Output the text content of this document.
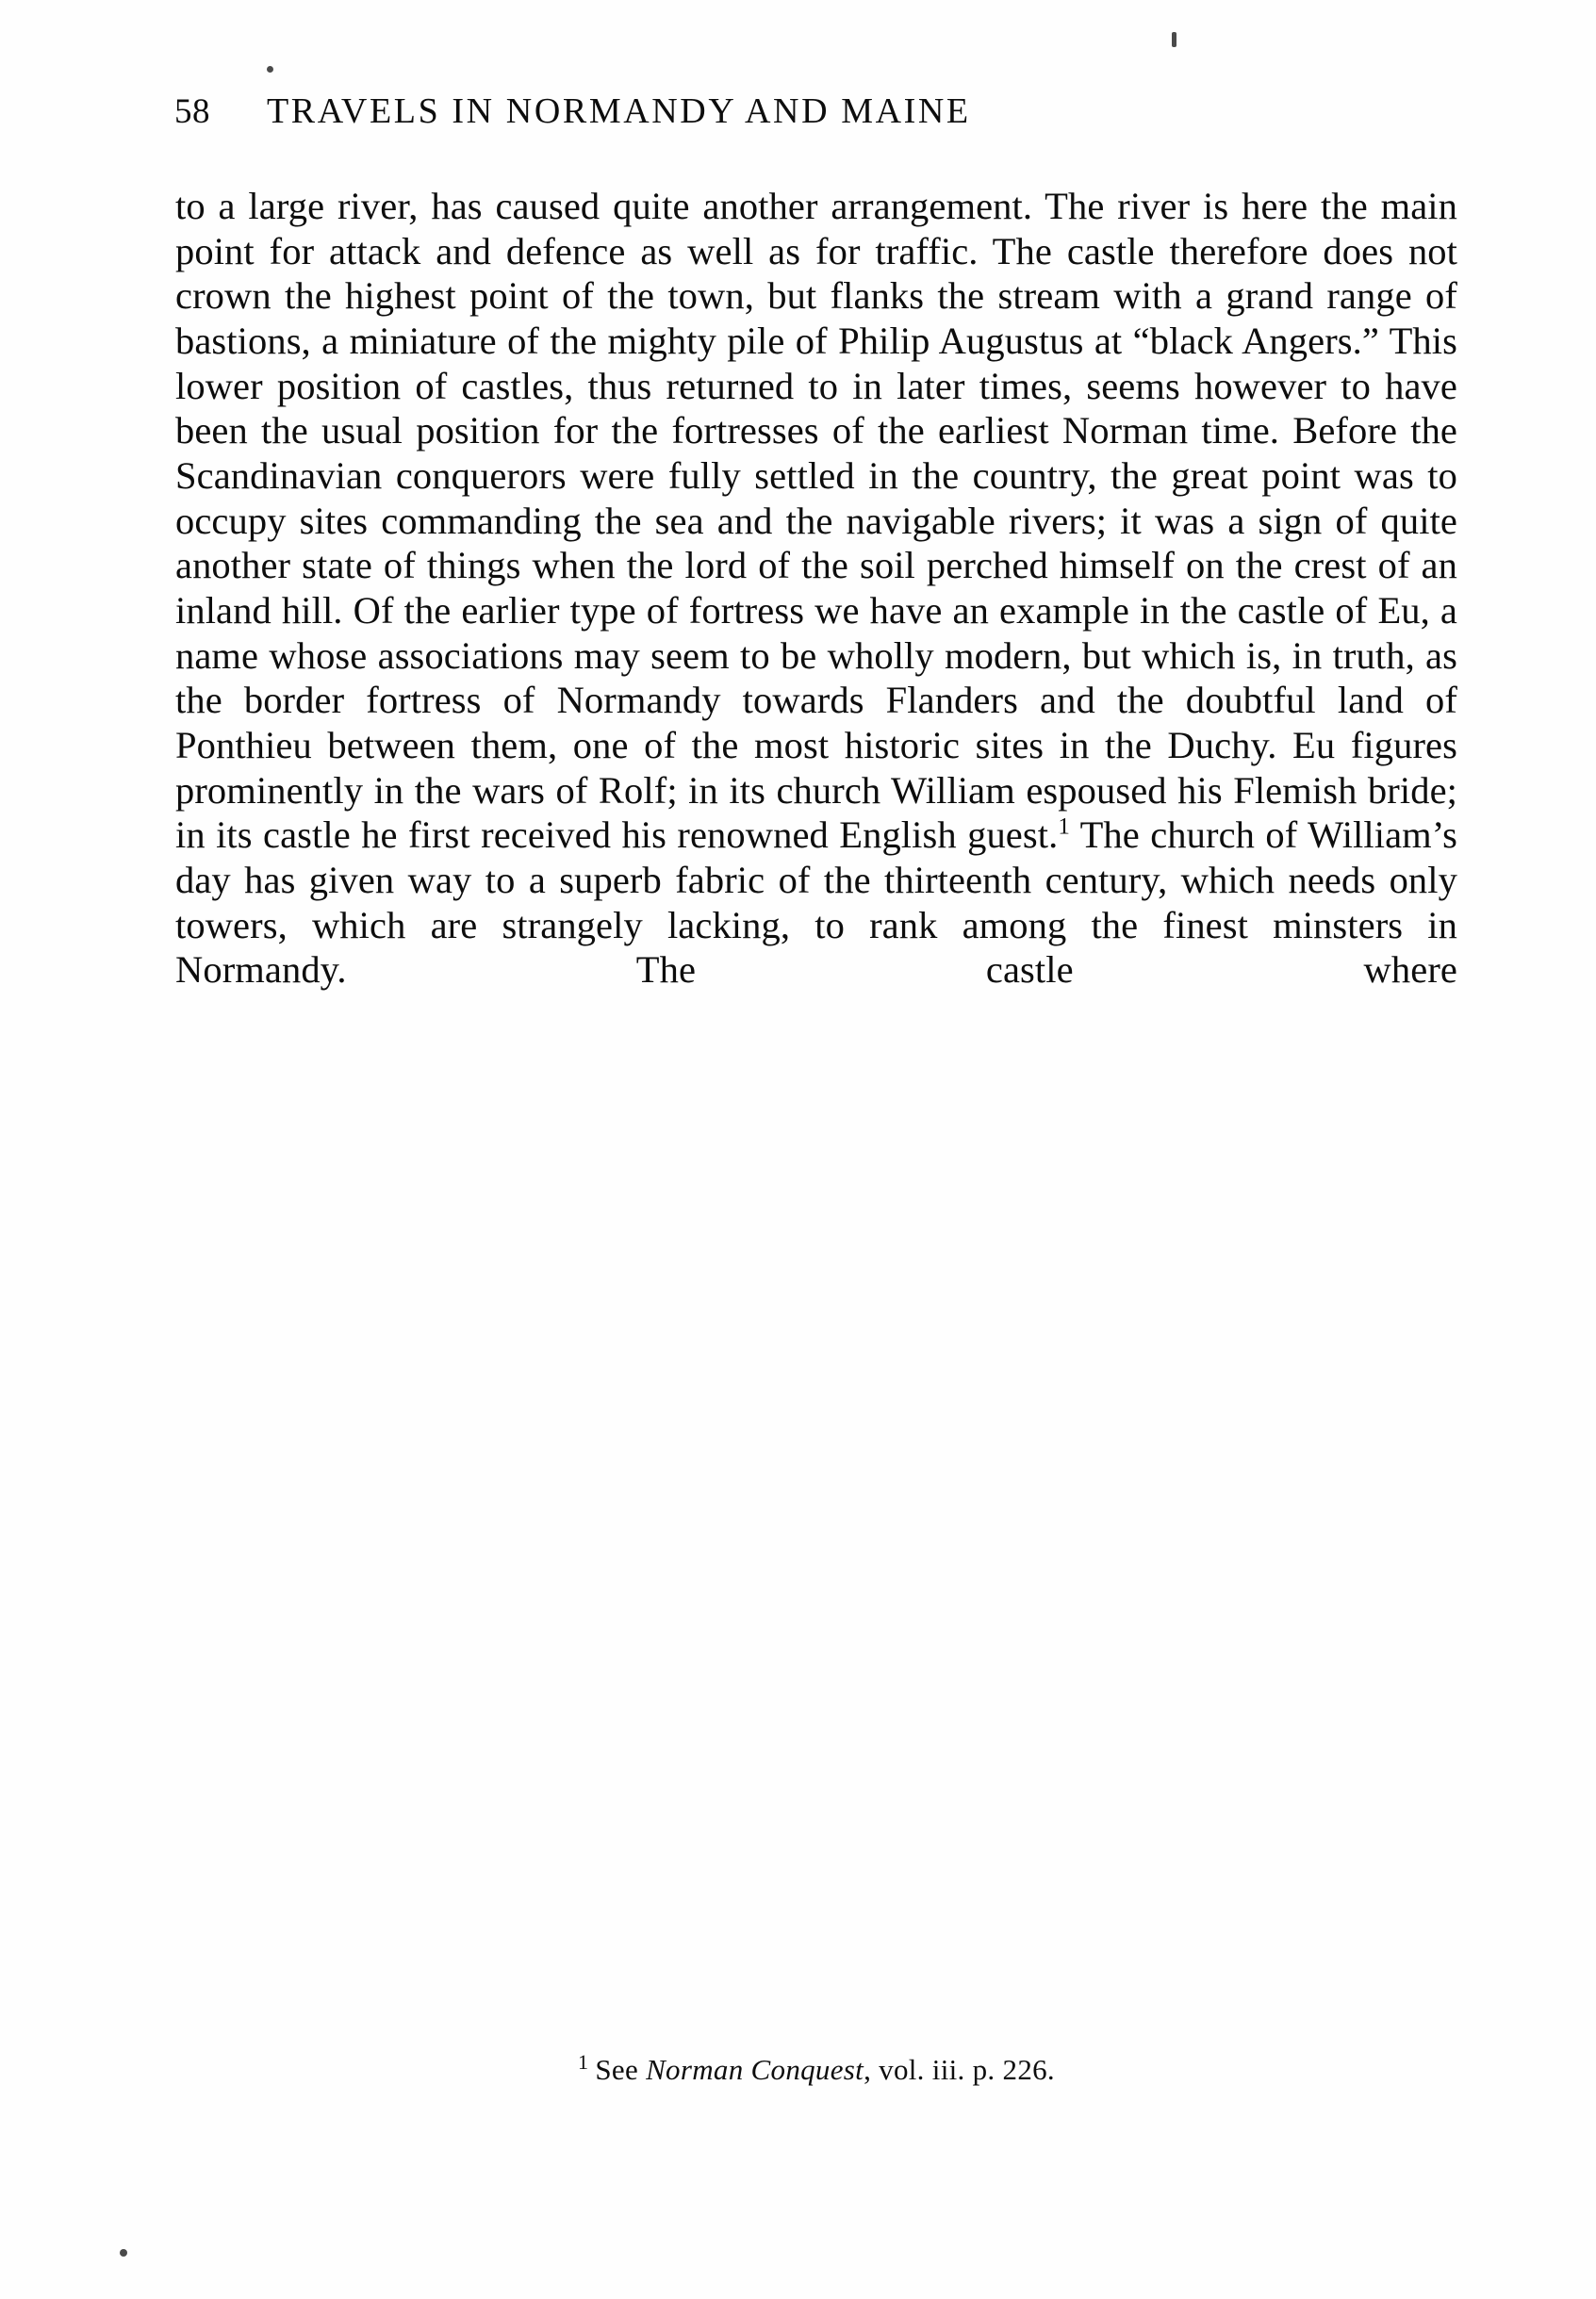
58 TRAVELS IN NORMANDY AND MAINE

to a large river, has caused quite another arrangement. The river is here the main point for attack and defence as well as for traffic. The castle therefore does not crown the highest point of the town, but flanks the stream with a grand range of bastions, a miniature of the mighty pile of Philip Augustus at “black Angers.” This lower position of castles, thus returned to in later times, seems however to have been the usual position for the fortresses of the earliest Norman time. Before the Scandinavian conquerors were fully settled in the country, the great point was to occupy sites commanding the sea and the navigable rivers; it was a sign of quite another state of things when the lord of the soil perched himself on the crest of an inland hill. Of the earlier type of fortress we have an example in the castle of Eu, a name whose associations may seem to be wholly modern, but which is, in truth, as the border fortress of Normandy towards Flanders and the doubtful land of Ponthieu between them, one of the most historic sites in the Duchy. Eu figures prominently in the wars of Rolf; in its church William espoused his Flemish bride; in its castle he first received his renowned English guest.$^1$ The church of William’s day has given way to a superb fabric of the thirteenth century, which needs only towers, which are strangely lacking, to rank among the finest minsters in Normandy. The castle where

$^1$ See Norman Conquest, vol. iii. p. 226.
